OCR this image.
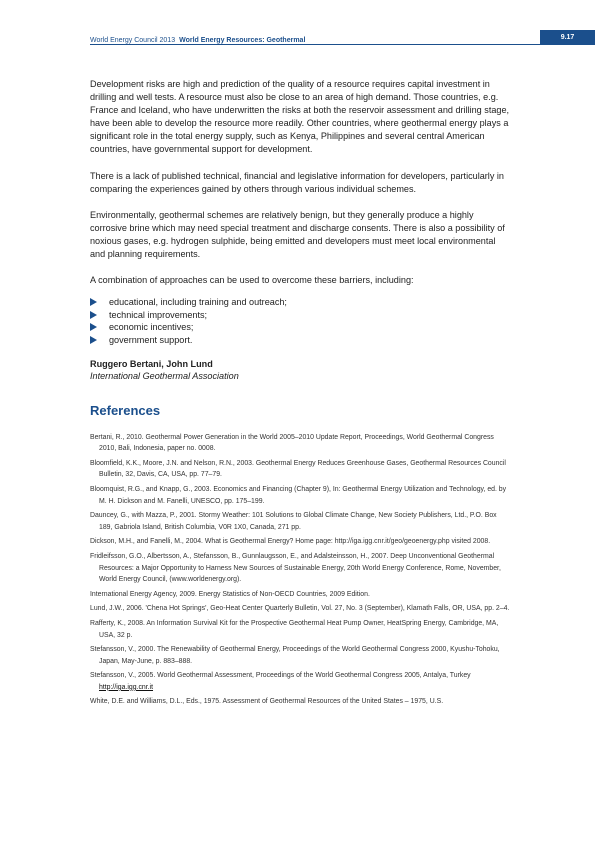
World Energy Council 2013 World Energy Resources: Geothermal	9.17

Development risks are high and prediction of the quality of a resource requires capital investment in drilling and well tests. A resource must also be close to an area of high demand. Those countries, e.g. France and Iceland, who have underwritten the risks at both the reservoir assessment and drilling stage, have been able to develop the resource more readily. Other countries, where geothermal energy plays a significant role in the total energy supply, such as Kenya, Philippines and several central American countries, have governmental support for development.

There is a lack of published technical, financial and legislative information for developers, particularly in comparing the experiences gained by others through various individual schemes.

Environmentally, geothermal schemes are relatively benign, but they generally produce a highly corrosive brine which may need special treatment and discharge consents. There is also a possibility of noxious gases, e.g. hydrogen sulphide, being emitted and developers must meet local environmental and planning requirements.

A combination of approaches can be used to overcome these barriers, including:

educational, including training and outreach;
technical improvements;
economic incentives;
government support.
Ruggero Bertani, John Lund
International Geothermal Association
References

Bertani, R., 2010. Geothermal Power Generation in the World 2005–2010 Update Report, Proceedings, World Geothermal Congress 2010, Bali, Indonesia, paper no. 0008.

Bloomfield, K.K., Moore, J.N. and Nelson, R.N., 2003. Geothermal Energy Reduces Greenhouse Gases, Geothermal Resources Council Bulletin, 32, Davis, CA, USA, pp. 77–79.

Bloomquist, R.G., and Knapp, G., 2003. Economics and Financing (Chapter 9), In: Geothermal Energy Utilization and Technology, ed. by M. H. Dickson and M. Fanelli, UNESCO, pp. 175–199.

Dauncey, G., with Mazza, P., 2001. Stormy Weather: 101 Solutions to Global Climate Change, New Society Publishers, Ltd., P.O. Box 189, Gabriola Island, British Columbia, V0R 1X0, Canada, 271 pp.

Dickson, M.H., and Fanelli, M., 2004. What is Geothermal Energy? Home page: http://iga.igg.cnr.it/geo/geoenergy.php visited 2008.

Fridleifsson, G.O., Albertsson, A., Stefansson, B., Gunnlaugsson, E., and Adalsteinsson, H., 2007. Deep Unconventional Geothermal Resources: a Major Opportunity to Harness New Sources of Sustainable Energy, 20th World Energy Conference, Rome, November, World Energy Council, (www.worldenergy.org).

International Energy Agency, 2009. Energy Statistics of Non-OECD Countries, 2009 Edition.

Lund, J.W., 2006. 'Chena Hot Springs', Geo-Heat Center Quarterly Bulletin, Vol. 27, No. 3 (September), Klamath Falls, OR, USA, pp. 2–4.

Rafferty, K., 2008. An Information Survival Kit for the Prospective Geothermal Heat Pump Owner, HeatSpring Energy, Cambridge, MA, USA, 32 p.

Stefansson, V., 2000. The Renewability of Geothermal Energy, Proceedings of the World Geothermal Congress 2000, Kyushu-Tohoku, Japan, May-June, p. 883–888.

Stefansson, V., 2005. World Geothermal Assessment, Proceedings of the World Geothermal Congress 2005, Antalya, Turkey http://iga.igg.cnr.it

White, D.E. and Williams, D.L., Eds., 1975. Assessment of Geothermal Resources of the United States – 1975, U.S.
